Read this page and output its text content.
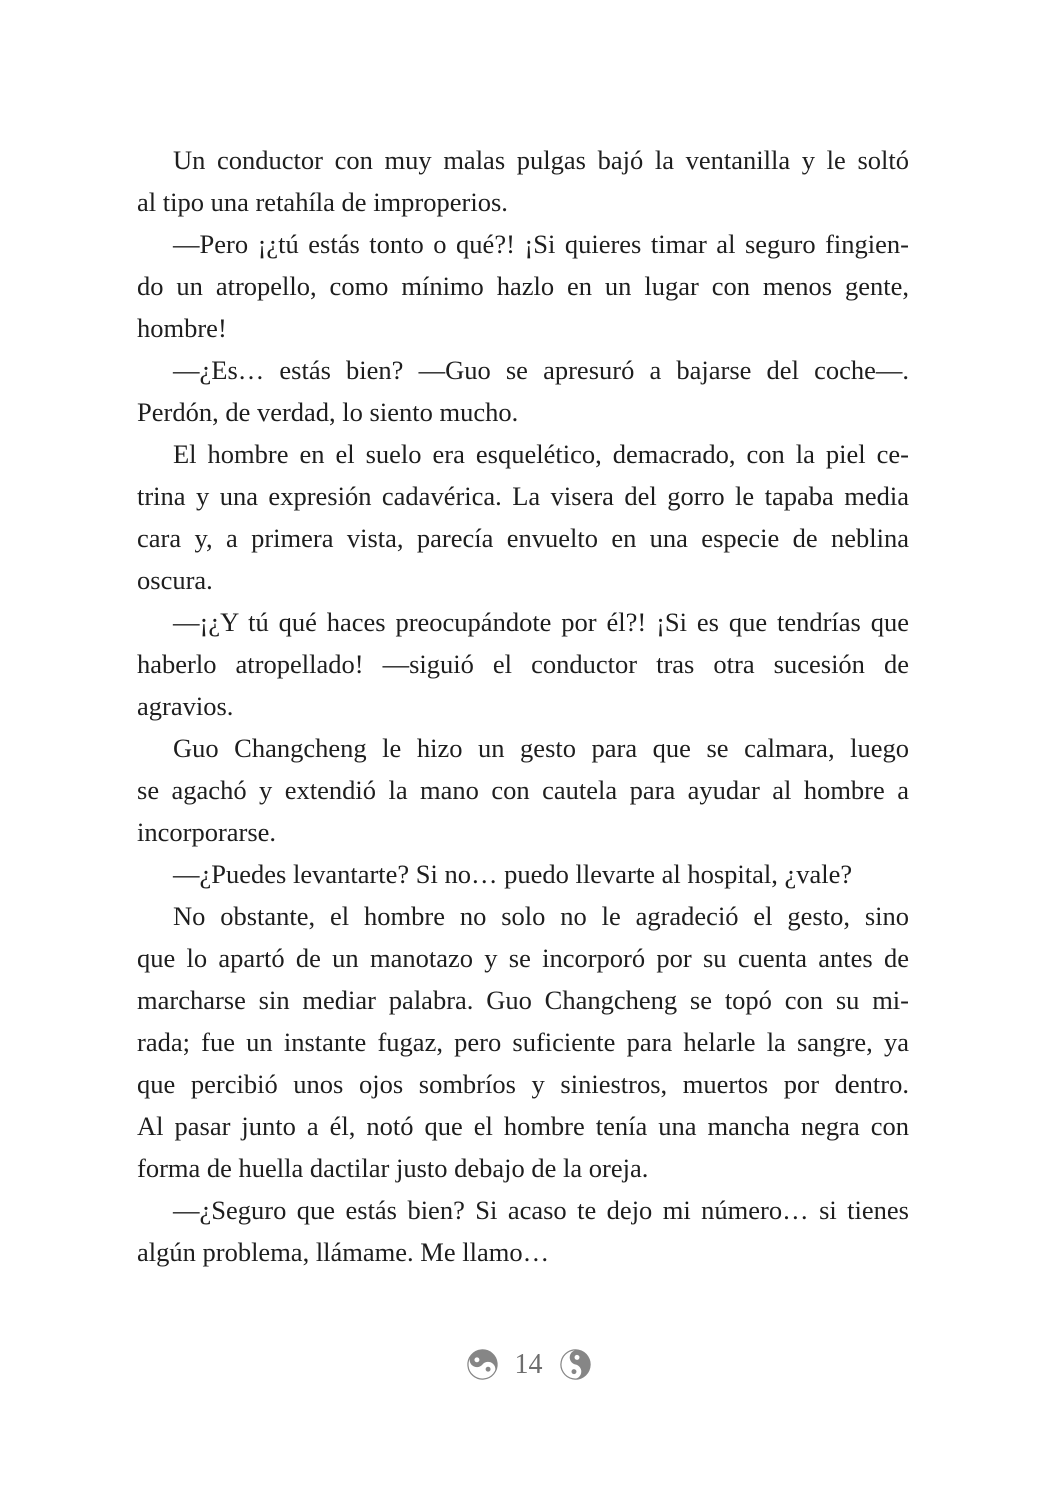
Un conductor con muy malas pulgas bajó la ventanilla y le soltó
al tipo una retahíla de improperios.
—Pero ¡¿tú estás tonto o qué?! ¡Si quieres timar al seguro fingien-
do un atropello, como mínimo hazlo en un lugar con menos gente,
hombre!
—¿Es… estás bien? —Guo se apresuró a bajarse del coche—.
Perdón, de verdad, lo siento mucho.
El hombre en el suelo era esquelético, demacrado, con la piel ce-
trina y una expresión cadavérica. La visera del gorro le tapaba media
cara y, a primera vista, parecía envuelto en una especie de neblina
oscura.
—¡¿Y tú qué haces preocupándote por él?! ¡Si es que tendrías que
haberlo atropellado! —siguió el conductor tras otra sucesión de
agravios.
Guo Changcheng le hizo un gesto para que se calmara, luego
se agachó y extendió la mano con cautela para ayudar al hombre a
incorporarse.
—¿Puedes levantarte? Si no… puedo llevarte al hospital, ¿vale?
No obstante, el hombre no solo no le agradeció el gesto, sino
que lo apartó de un manotazo y se incorporó por su cuenta antes de
marcharse sin mediar palabra. Guo Changcheng se topó con su mi-
rada; fue un instante fugaz, pero suficiente para helarle la sangre, ya
que percibió unos ojos sombríos y siniestros, muertos por dentro.
Al pasar junto a él, notó que el hombre tenía una mancha negra con
forma de huella dactilar justo debajo de la oreja.
—¿Seguro que estás bien? Si acaso te dejo mi número… si tienes
algún problema, llámame. Me llamo…
14
